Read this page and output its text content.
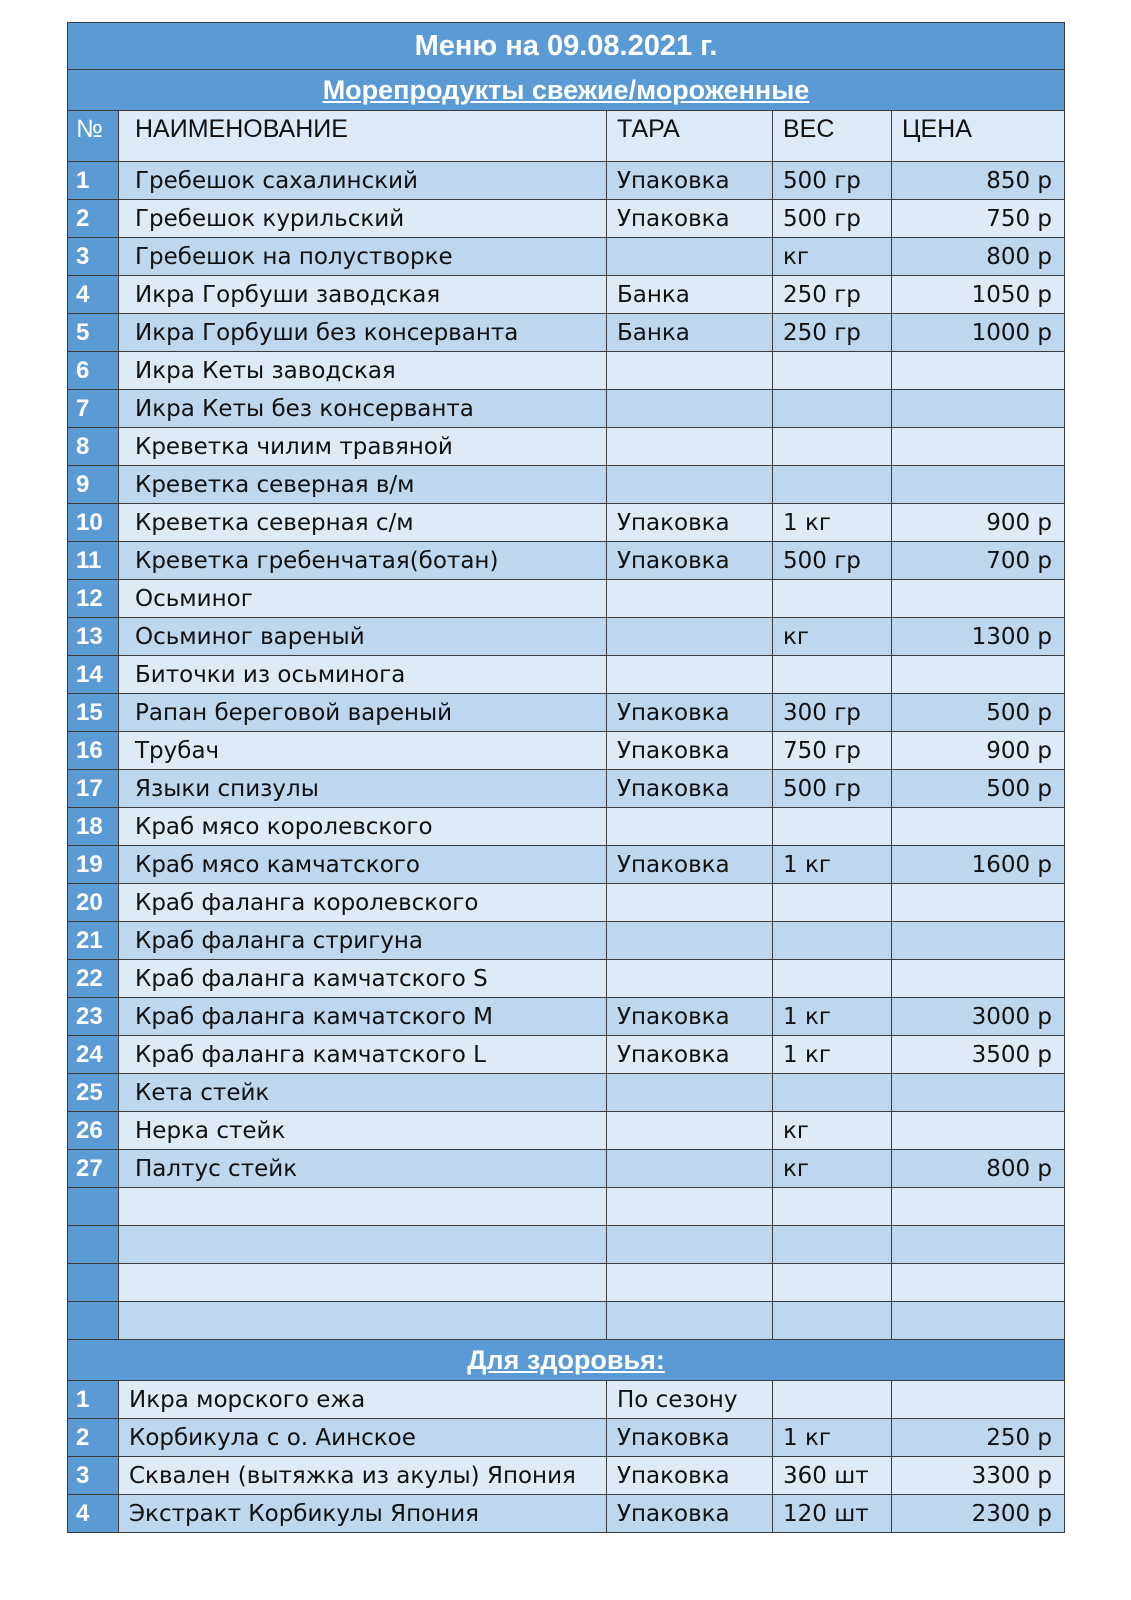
Меню на 09.08.2021 г.				
Морепродукты свежие/мороженные				
№	НАИМЕНОВАНИЕ	ТАРА	ВЕС	ЦЕНА
1	Гребешок сахалинский	Упаковка	500 гр	850 р
2	Гребешок курильский	Упаковка	500 гр	750 р
3	Гребешок на полустворке		кг	800 р
4	Икра Горбуши заводская	Банка	250 гр	1050 р
5	Икра Горбуши без консерванта	Банка	250 гр	1000 р
6	Икра Кеты заводская			
7	Икра Кеты без консерванта			
8	Креветка чилим травяной			
9	Креветка северная в/м			
10	Креветка северная с/м	Упаковка	1 кг	900 р
11	Креветка гребенчатая(ботан)	Упаковка	500 гр	700 р
12	Осьминог			
13	Осьминог вареный		кг	1300 р
14	Биточки из осьминога			
15	Рапан береговой вареный	Упаковка	300 гр	500 р
16	Трубач	Упаковка	750 гр	900 р
17	Языки спизулы	Упаковка	500 гр	500 р
18	Краб мясо королевского			
19	Краб мясо камчатского	Упаковка	1 кг	1600 р
20	Краб фаланга королевского			
21	Краб фаланга стригуна			
22	Краб фаланга камчатского S			
23	Краб фаланга камчатского M	Упаковка	1 кг	3000 р
24	Краб фаланга камчатского L	Упаковка	1 кг	3500 р
25	Кета стейк			
26	Нерка стейк		кг	
27	Палтус стейк		кг	800 р

Для здоровья:				
1	Икра морского ежа	По сезону		
2	Корбикула с о. Аинское	Упаковка	1 кг	250 р
3	Сквален (вытяжка из акулы) Япония	Упаковка	360 шт	3300 р
4	Экстракт Корбикулы Япония	Упаковка	120 шт	2300 р
